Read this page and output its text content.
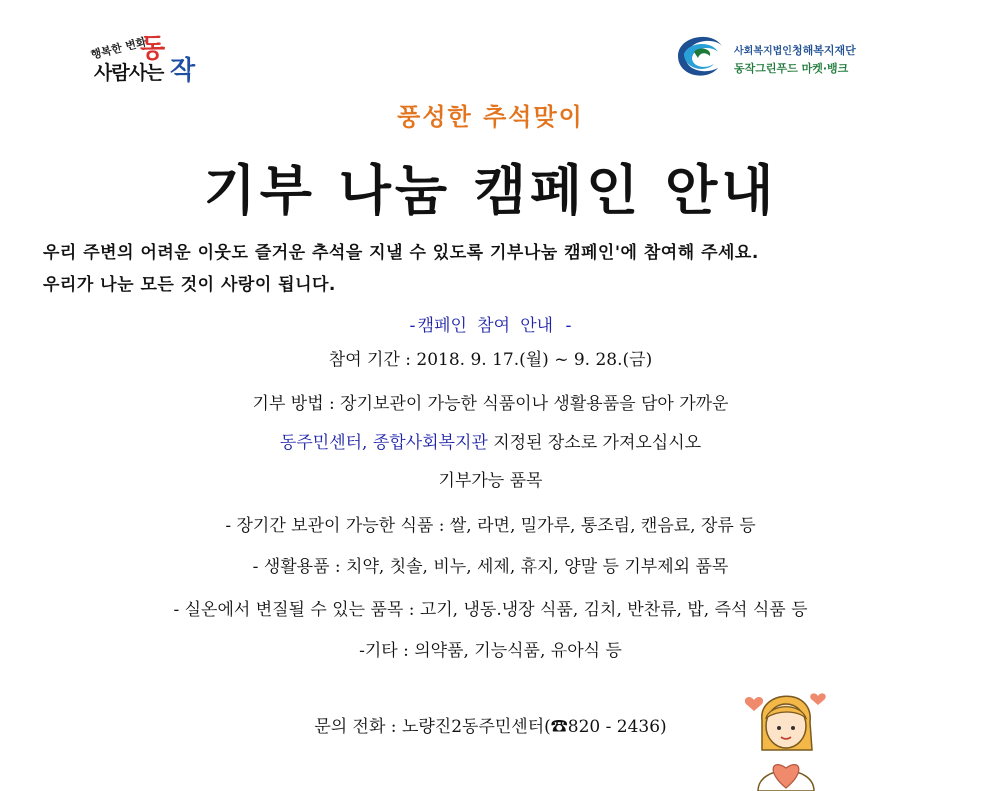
행복한 변화
사람사는
동
작
사회복지법인청해복지재단
동작그린푸드 마켓·뱅크
풍성한 추석맞이
기부 나눔 캠페인 안내
우리 주변의 어려운 이웃도 즐거운 추석을 지낼 수 있도록 기부나눔 캠페인'에 참여해 주세요.
우리가 나눈 모든 것이 사랑이 됩니다.
-캠페인 참여 안내 -
참여 기간 : 2018. 9. 17.(월) ~ 9. 28.(금)
기부 방법 : 장기보관이 가능한 식품이나 생활용품을 담아 가까운
동주민센터, 종합사회복지관 지정된 장소로 가져오십시오
기부가능 품목
- 장기간 보관이 가능한 식품 : 쌀, 라면, 밀가루, 통조림, 캔음료, 장류 등
- 생활용품 : 치약, 칫솔, 비누, 세제, 휴지, 양말 등 기부제외 품목
- 실온에서 변질될 수 있는 품목 : 고기, 냉동.냉장 식품, 김치, 반찬류, 밥, 즉석 식품 등
-기타 : 의약품, 기능식품, 유아식 등
문의 전화 : 노량진2동주민센터(☎820 - 2436)
